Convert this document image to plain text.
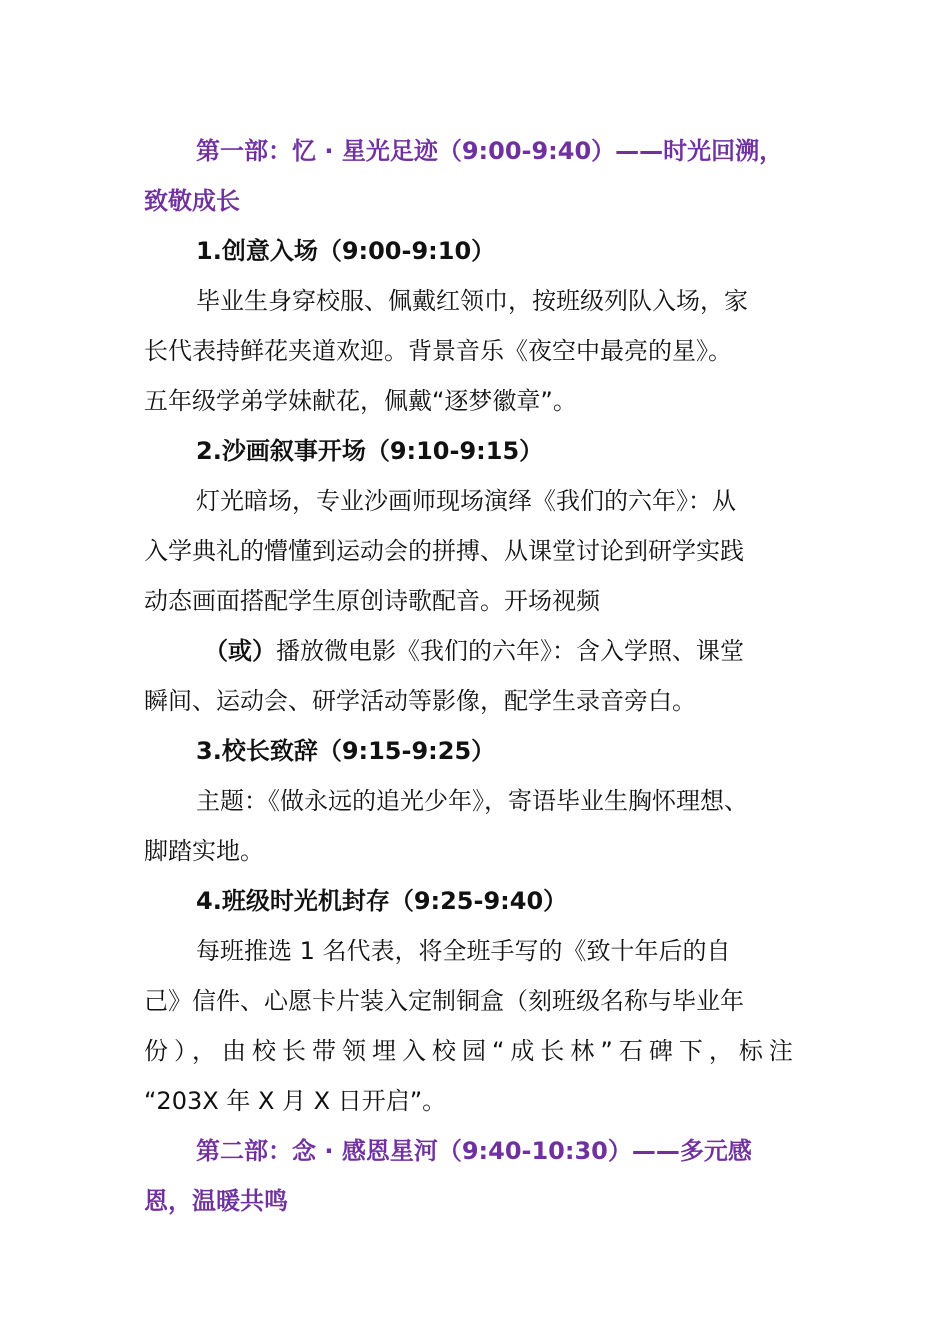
第一部：忆 · 星光足迹（9:00-9:40）——时光回溯，
致敬成长
1.创意入场（9:00-9:10）
毕业生身穿校服、佩戴红领巾，按班级列队入场，家
长代表持鲜花夹道欢迎。背景音乐《夜空中最亮的星》。
五年级学弟学妹献花，佩戴“逐梦徽章”。
2.沙画叙事开场（9:10-9:15）
灯光暗场，专业沙画师现场演绎《我们的六年》：从
入学典礼的懵懂到运动会的拼搏、从课堂讨论到研学实践
动态画面搭配学生原创诗歌配音。开场视频
（或）播放微电影《我们的六年》：含入学照、课堂
瞬间、运动会、研学活动等影像，配学生录音旁白。
3.校长致辞（9:15-9:25）
主题：《做永远的追光少年》，寄语毕业生胸怀理想、
脚踏实地。
4.班级时光机封存（9:25-9:40）
每班推选 1 名代表，将全班手写的《致十年后的自
己》信件、心愿卡片装入定制铜盒（刻班级名称与毕业年
份），由校长带领埋入校园“成长林”石碑下，标注
“203X 年 X 月 X 日开启”。
第二部：念 · 感恩星河（9:40-10:30）——多元感
恩，温暖共鸣
